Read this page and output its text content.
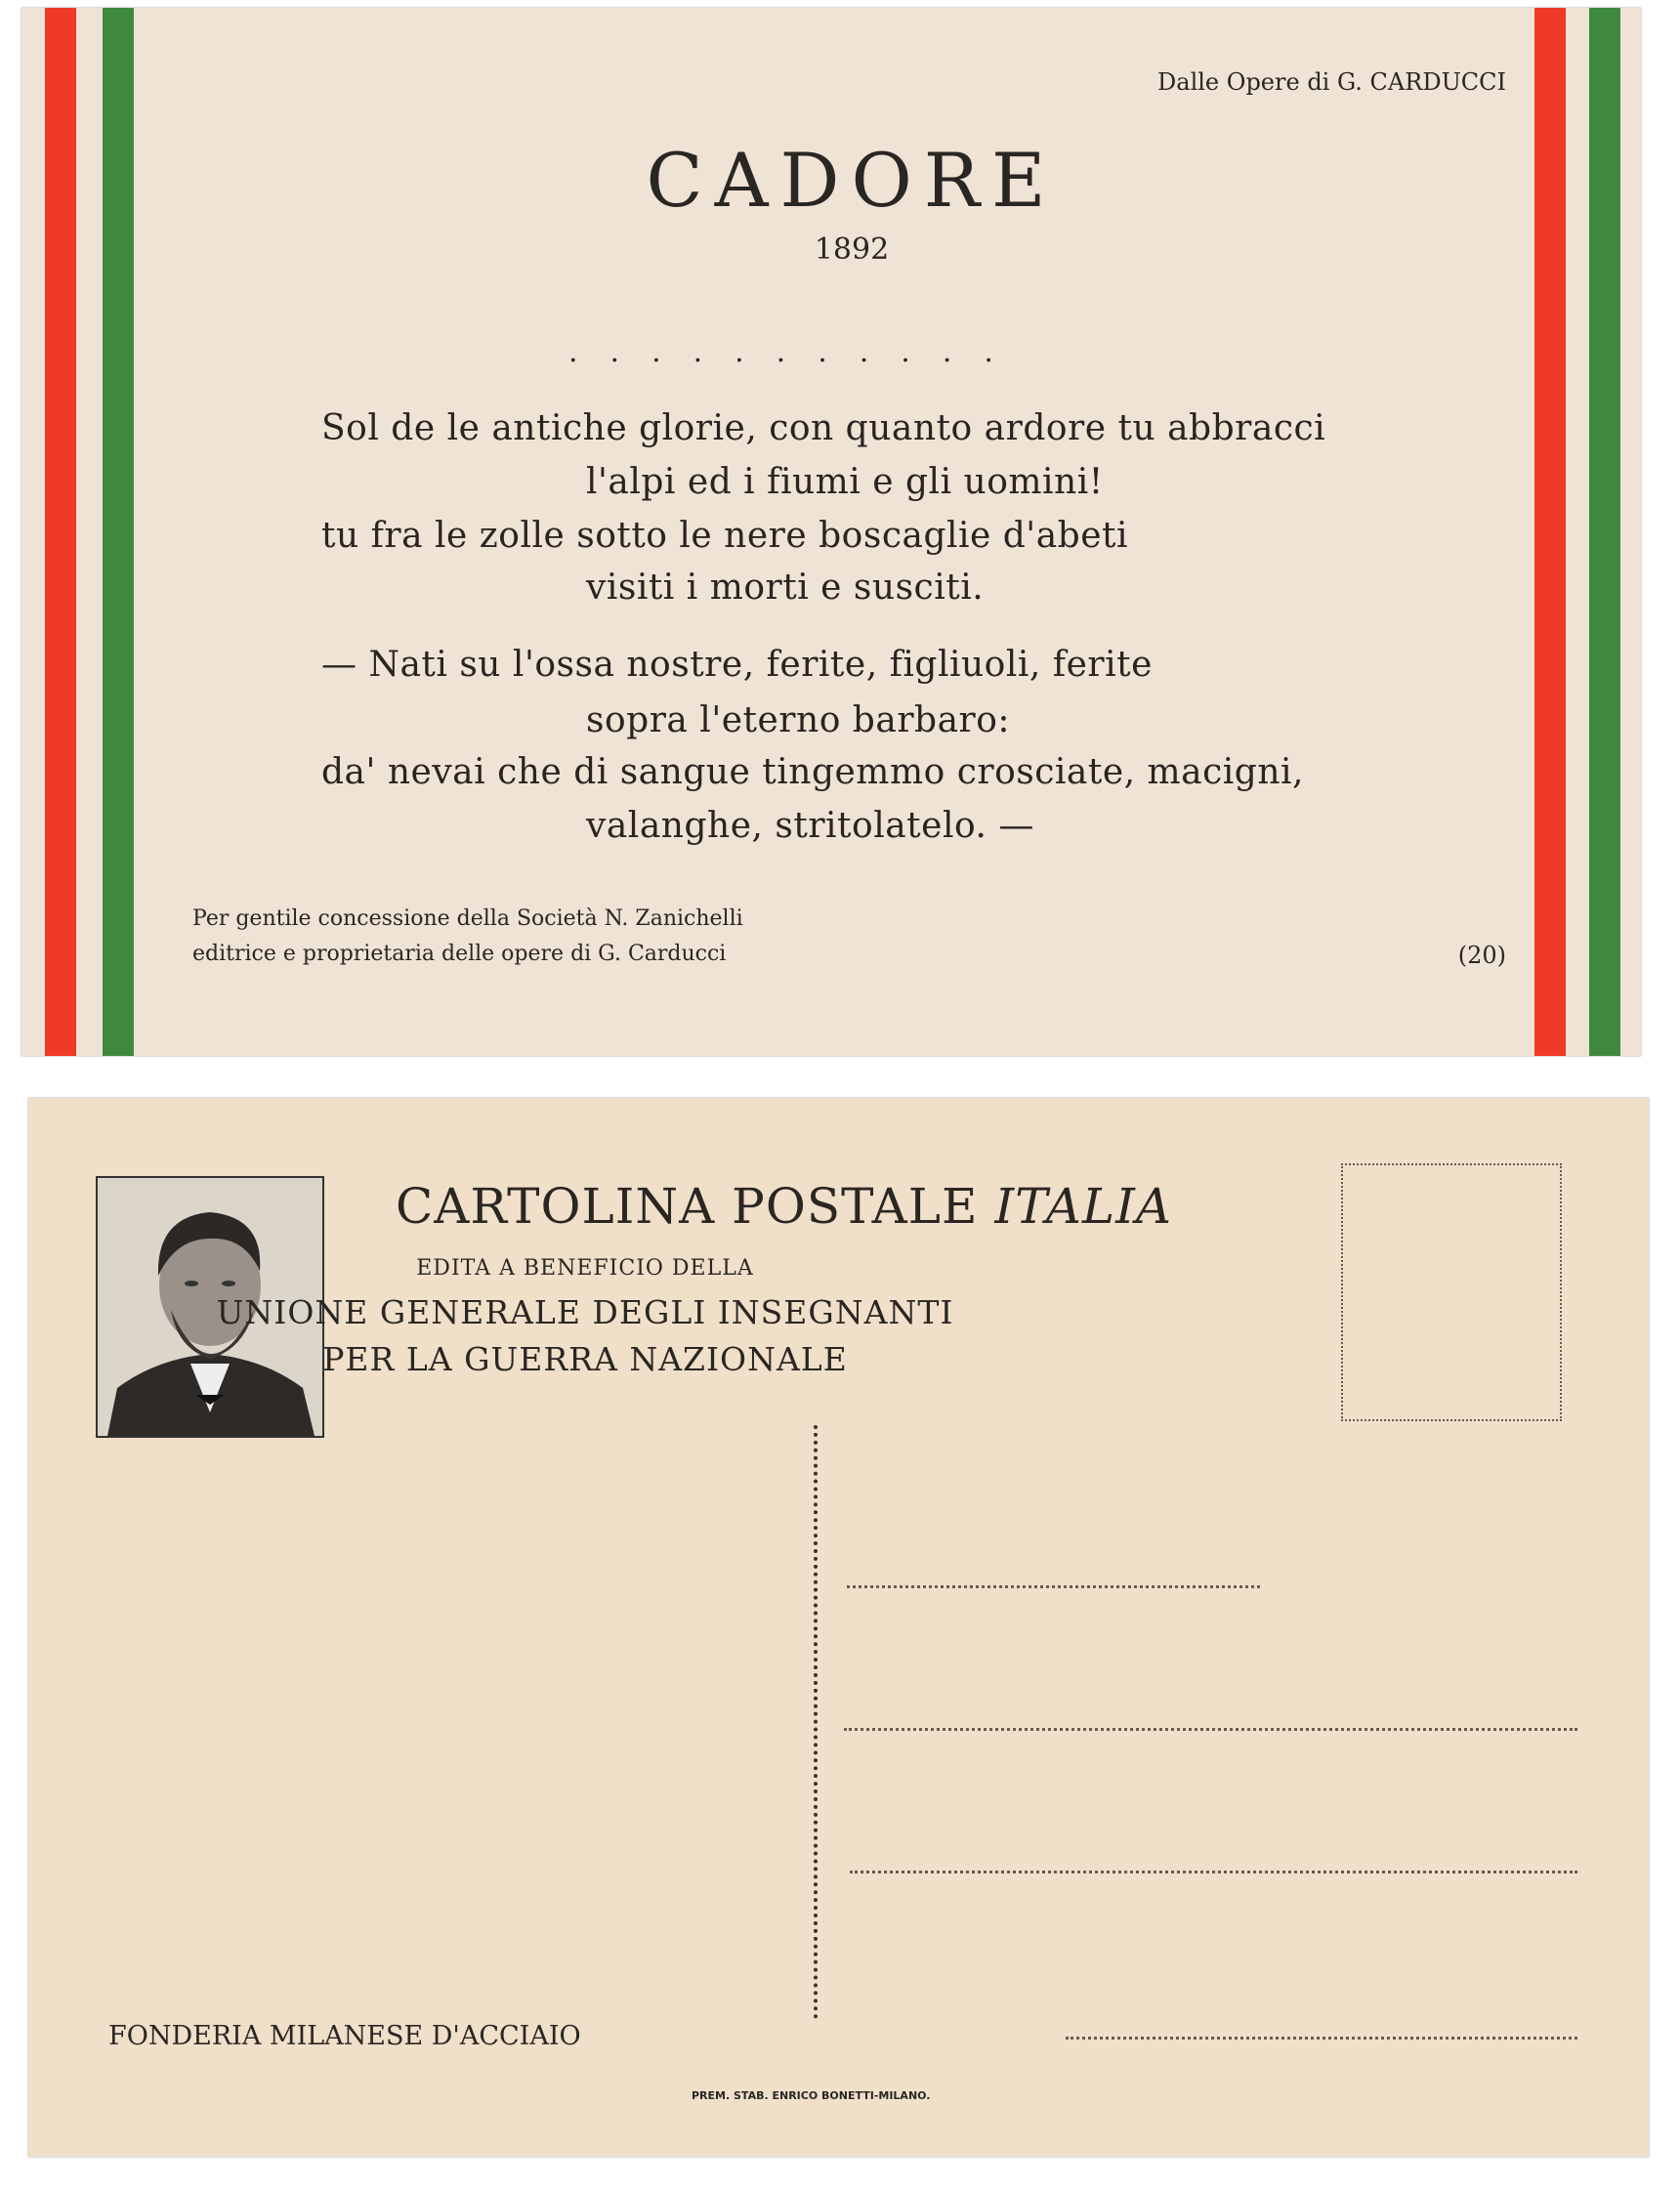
Dalle Opere di G. CARDUCCI
CADORE
1892
...........
Sol de le antiche glorie, con quanto ardore tu abbracci
l'alpi ed i fiumi e gli uomini!
tu fra le zolle sotto le nere boscaglie d'abeti
visiti i morti e susciti.
— Nati su l'ossa nostre, ferite, figliuoli, ferite
sopra l'eterno barbaro:
da' nevai che di sangue tingemmo crosciate, macigni,
valanghe, stritolatelo. —
Per gentile concessione della Società N. Zanichelli
editrice e proprietaria delle opere di G. Carducci	(20)
CARTOLINA POSTALE ITALIA
EDITA A BENEFICIO DELLA
UNIONE GENERALE DEGLI INSEGNANTI
PER LA GUERRA NAZIONALE
FONDERIA MILANESE D'ACCIAIO
PREM. STAB. ENRICO BONETTI-MILANO.
